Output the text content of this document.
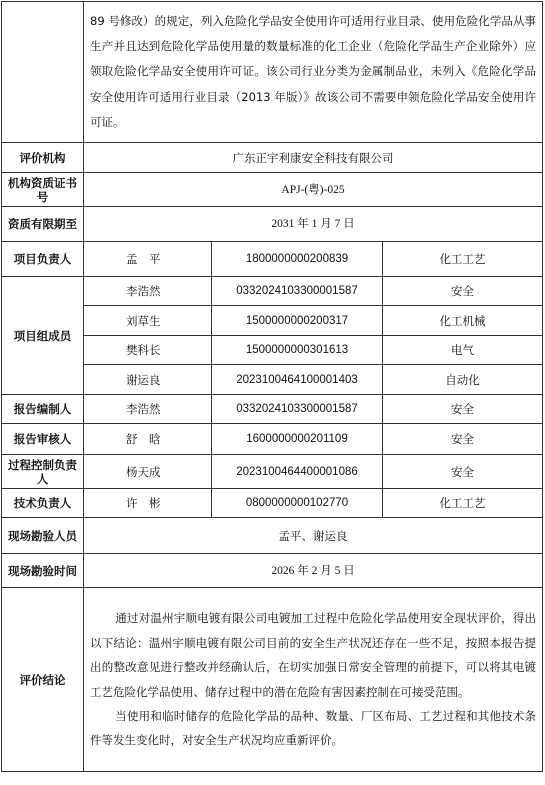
	89 号修改）的规定，列入危险化学品安全使用许可适用行业目录、使用危险化学品从事生产并且达到危险化学品使用量的数量标准的化工企业（危险化学品生产企业除外）应领取危险化学品安全使用许可证。该公司行业分类为金属制品业，未列入《危险化学品安全使用许可适用行业目录（2013 年版）》故该公司不需要申领危险化学品安全使用许可证。		

评价机构	广东正宇利康安全科技有限公司		
机构资质证书号	APJ-(粤)-025		
资质有限期至	2031 年 1 月 7 日		
项目负责人	孟　平	1800000000200839	化工工艺
项目组成员	李浩然	0332024103300001587	安全
	刘草生	1500000000200317	化工机械
	樊科长	1500000000301613	电气
	谢运良	2023100464100001403	自动化
报告编制人	李浩然	0332024103300001587	安全
报告审核人	舒　晗	1600000000201109	安全
过程控制负责人	杨天成	2023100464400001086	安全
技术负责人	许　彬	0800000000102770	化工工艺
现场勘验人员	孟平、谢运良		
现场勘验时间	2026 年 2 月 5 日		
评价结论	通过对温州宇顺电镀有限公司电镀加工过程中危险化学品使用安全现状评价，得出以下结论：温州宇顺电镀有限公司目前的安全生产状况还存在一些不足，按照本报告提出的整改意见进行整改并经确认后，在切实加强日常安全管理的前提下，可以将其电镀工艺危险化学品使用、储存过程中的潜在危险有害因素控制在可接受范围。

当使用和临时储存的危险化学品的品种、数量、厂区布局、工艺过程和其他技术条件等发生变化时，对安全生产状况均应重新评价。		
